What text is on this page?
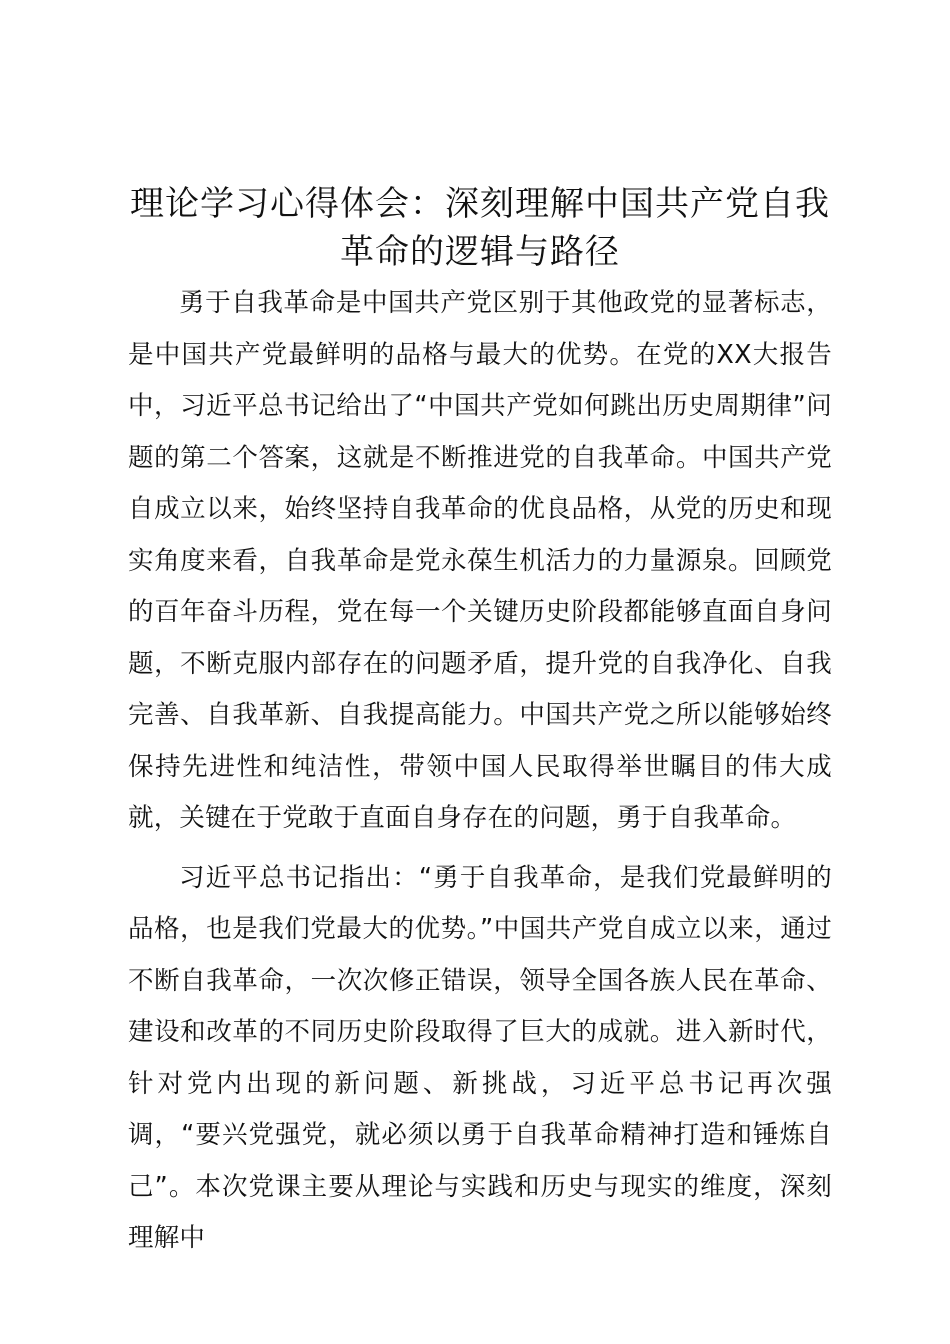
理论学习心得体会：深刻理解中国共产党自我革命的逻辑与路径

勇于自我革命是中国共产党区别于其他政党的显著标志，是中国共产党最鲜明的品格与最大的优势。在党的XX大报告中，习近平总书记给出了“中国共产党如何跳出历史周期律”问题的第二个答案，这就是不断推进党的自我革命。中国共产党自成立以来，始终坚持自我革命的优良品格，从党的历史和现实角度来看，自我革命是党永葆生机活力的力量源泉。回顾党的百年奋斗历程，党在每一个关键历史阶段都能够直面自身问题，不断克服内部存在的问题矛盾，提升党的自我净化、自我完善、自我革新、自我提高能力。中国共产党之所以能够始终保持先进性和纯洁性，带领中国人民取得举世瞩目的伟大成就，关键在于党敢于直面自身存在的问题，勇于自我革命。

习近平总书记指出：“勇于自我革命，是我们党最鲜明的品格，也是我们党最大的优势。”中国共产党自成立以来，通过不断自我革命，一次次修正错误，领导全国各族人民在革命、建设和改革的不同历史阶段取得了巨大的成就。进入新时代，针对党内出现的新问题、新挑战，习近平总书记再次强调，“要兴党强党，就必须以勇于自我革命精神打造和锤炼自己”。本次党课主要从理论与实践和历史与现实的维度，深刻理解中
